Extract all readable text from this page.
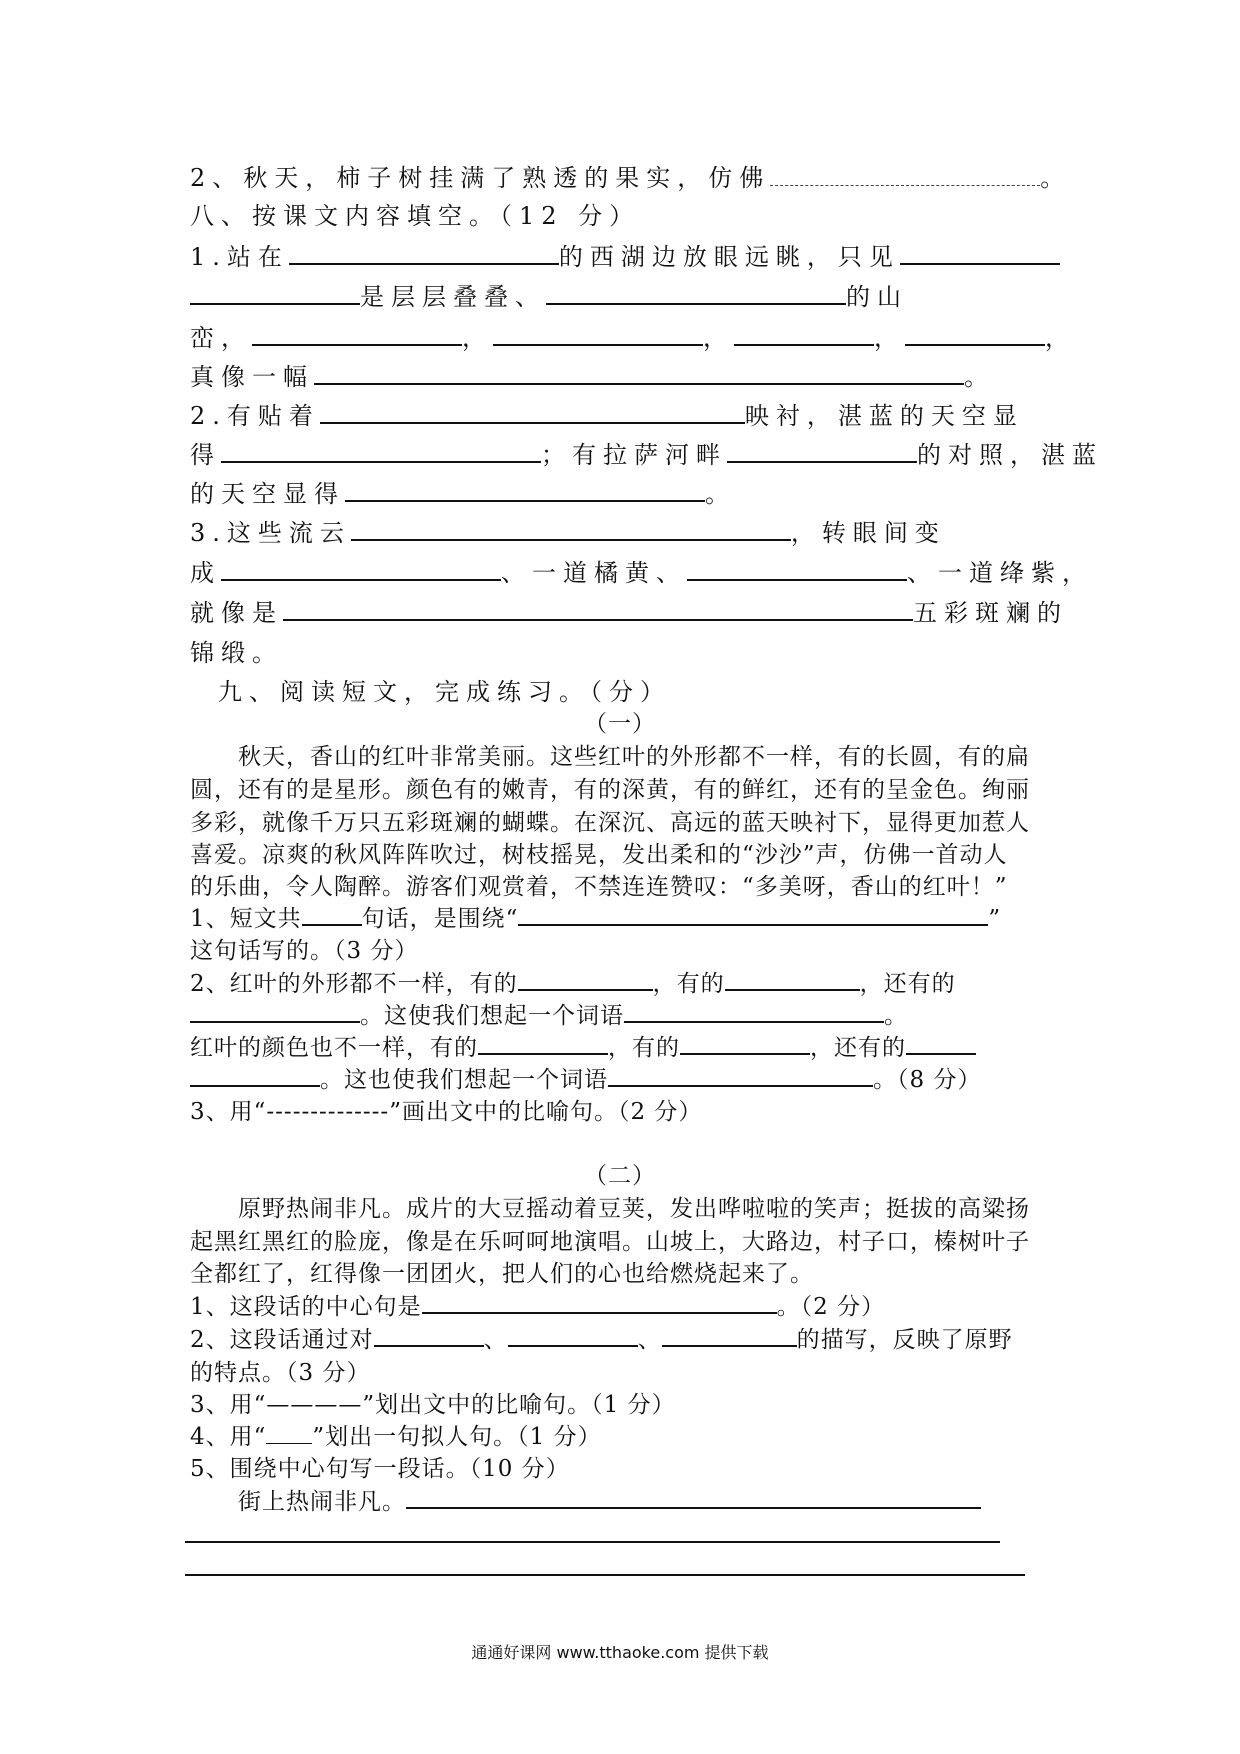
2、秋天，柿子树挂满了熟透的果实，仿佛	。
八、按课文内容填空。（12 分）
1.站在	的西湖边放眼远眺，只见
是层层叠叠、	的山
峦，	，	，	，	，
真像一幅	。
2.有贴着	映衬，湛蓝的天空显
得	；有拉萨河畔	的对照，湛蓝
的天空显得	。
3.这些流云	，转眼间变
成	、一道橘黄、	、一道绛紫，
就像是	五彩斑斓的
锦缎。
九、阅读短文，完成练习。（分）
（一）
秋天，香山的红叶非常美丽。这些红叶的外形都不一样，有的长圆，有的扁
圆，还有的是星形。颜色有的嫩青，有的深黄，有的鲜红，还有的呈金色。绚丽
多彩，就像千万只五彩斑斓的蝴蝶。在深沉、高远的蓝天映衬下，显得更加惹人
喜爱。凉爽的秋风阵阵吹过，树枝摇晃，发出柔和的“沙沙”声，仿佛一首动人
的乐曲，令人陶醉。游客们观赏着，不禁连连赞叹：“多美呀，香山的红叶！”
1、短文共	句话，是围绕“	”
这句话写的。（3 分）
2、红叶的外形都不一样，有的	，有的	，还有的
。这使我们想起一个词语	。
红叶的颜色也不一样，有的	，有的	，还有的
。这也使我们想起一个词语	。（8 分）
3、用“--------------”画出文中的比喻句。（2 分）
（二）
原野热闹非凡。成片的大豆摇动着豆荚，发出哗啦啦的笑声；挺拔的高粱扬
起黑红黑红的脸庞，像是在乐呵呵地演唱。山坡上，大路边，村子口，榛树叶子
全都红了，红得像一团团火，把人们的心也给燃烧起来了。
1、这段话的中心句是	。（2 分）
2、这段话通过对	、	、	的描写，反映了原野
的特点。（3 分）
3、用“————”划出文中的比喻句。（1 分）
4、用“ ”划出一句拟人句。（1 分）
5、围绕中心句写一段话。（10 分）
街上热闹非凡。
通通好课网 www.tthaoke.com 提供下载
